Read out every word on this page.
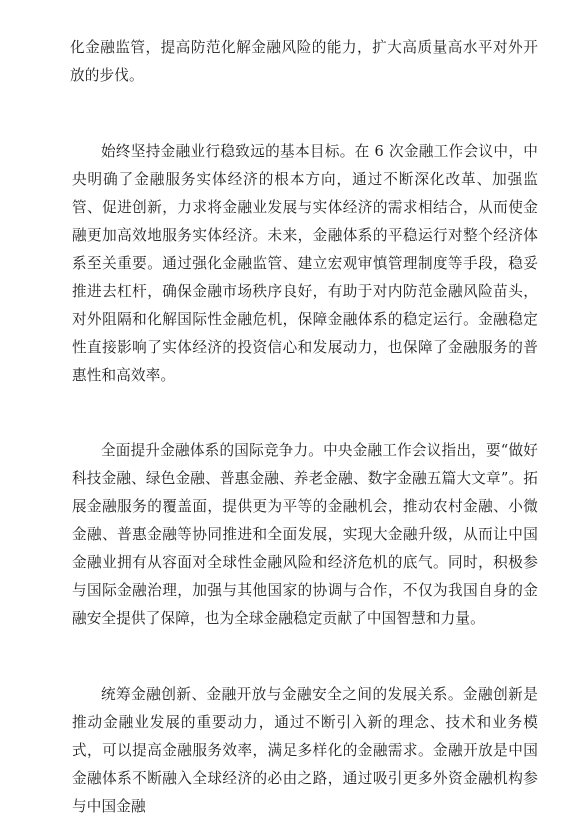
化金融监管，提高防范化解金融风险的能力，扩大高质量高水平对外开放的步伐。

始终坚持金融业行稳致远的基本目标。在 6 次金融工作会议中，中央明确了金融服务实体经济的根本方向，通过不断深化改革、加强监管、促进创新，力求将金融业发展与实体经济的需求相结合，从而使金融更加高效地服务实体经济。未来，金融体系的平稳运行对整个经济体系至关重要。通过强化金融监管、建立宏观审慎管理制度等手段，稳妥推进去杠杆，确保金融市场秩序良好，有助于对内防范金融风险苗头，对外阻隔和化解国际性金融危机，保障金融体系的稳定运行。金融稳定性直接影响了实体经济的投资信心和发展动力，也保障了金融服务的普惠性和高效率。

全面提升金融体系的国际竞争力。中央金融工作会议指出，要“做好科技金融、绿色金融、普惠金融、养老金融、数字金融五篇大文章”。拓展金融服务的覆盖面，提供更为平等的金融机会，推动农村金融、小微金融、普惠金融等协同推进和全面发展，实现大金融升级，从而让中国金融业拥有从容面对全球性金融风险和经济危机的底气。同时，积极参与国际金融治理，加强与其他国家的协调与合作，不仅为我国自身的金融安全提供了保障，也为全球金融稳定贡献了中国智慧和力量。

统筹金融创新、金融开放与金融安全之间的发展关系。金融创新是推动金融业发展的重要动力，通过不断引入新的理念、技术和业务模式，可以提高金融服务效率，满足多样化的金融需求。金融开放是中国金融体系不断融入全球经济的必由之路，通过吸引更多外资金融机构参与中国金融
